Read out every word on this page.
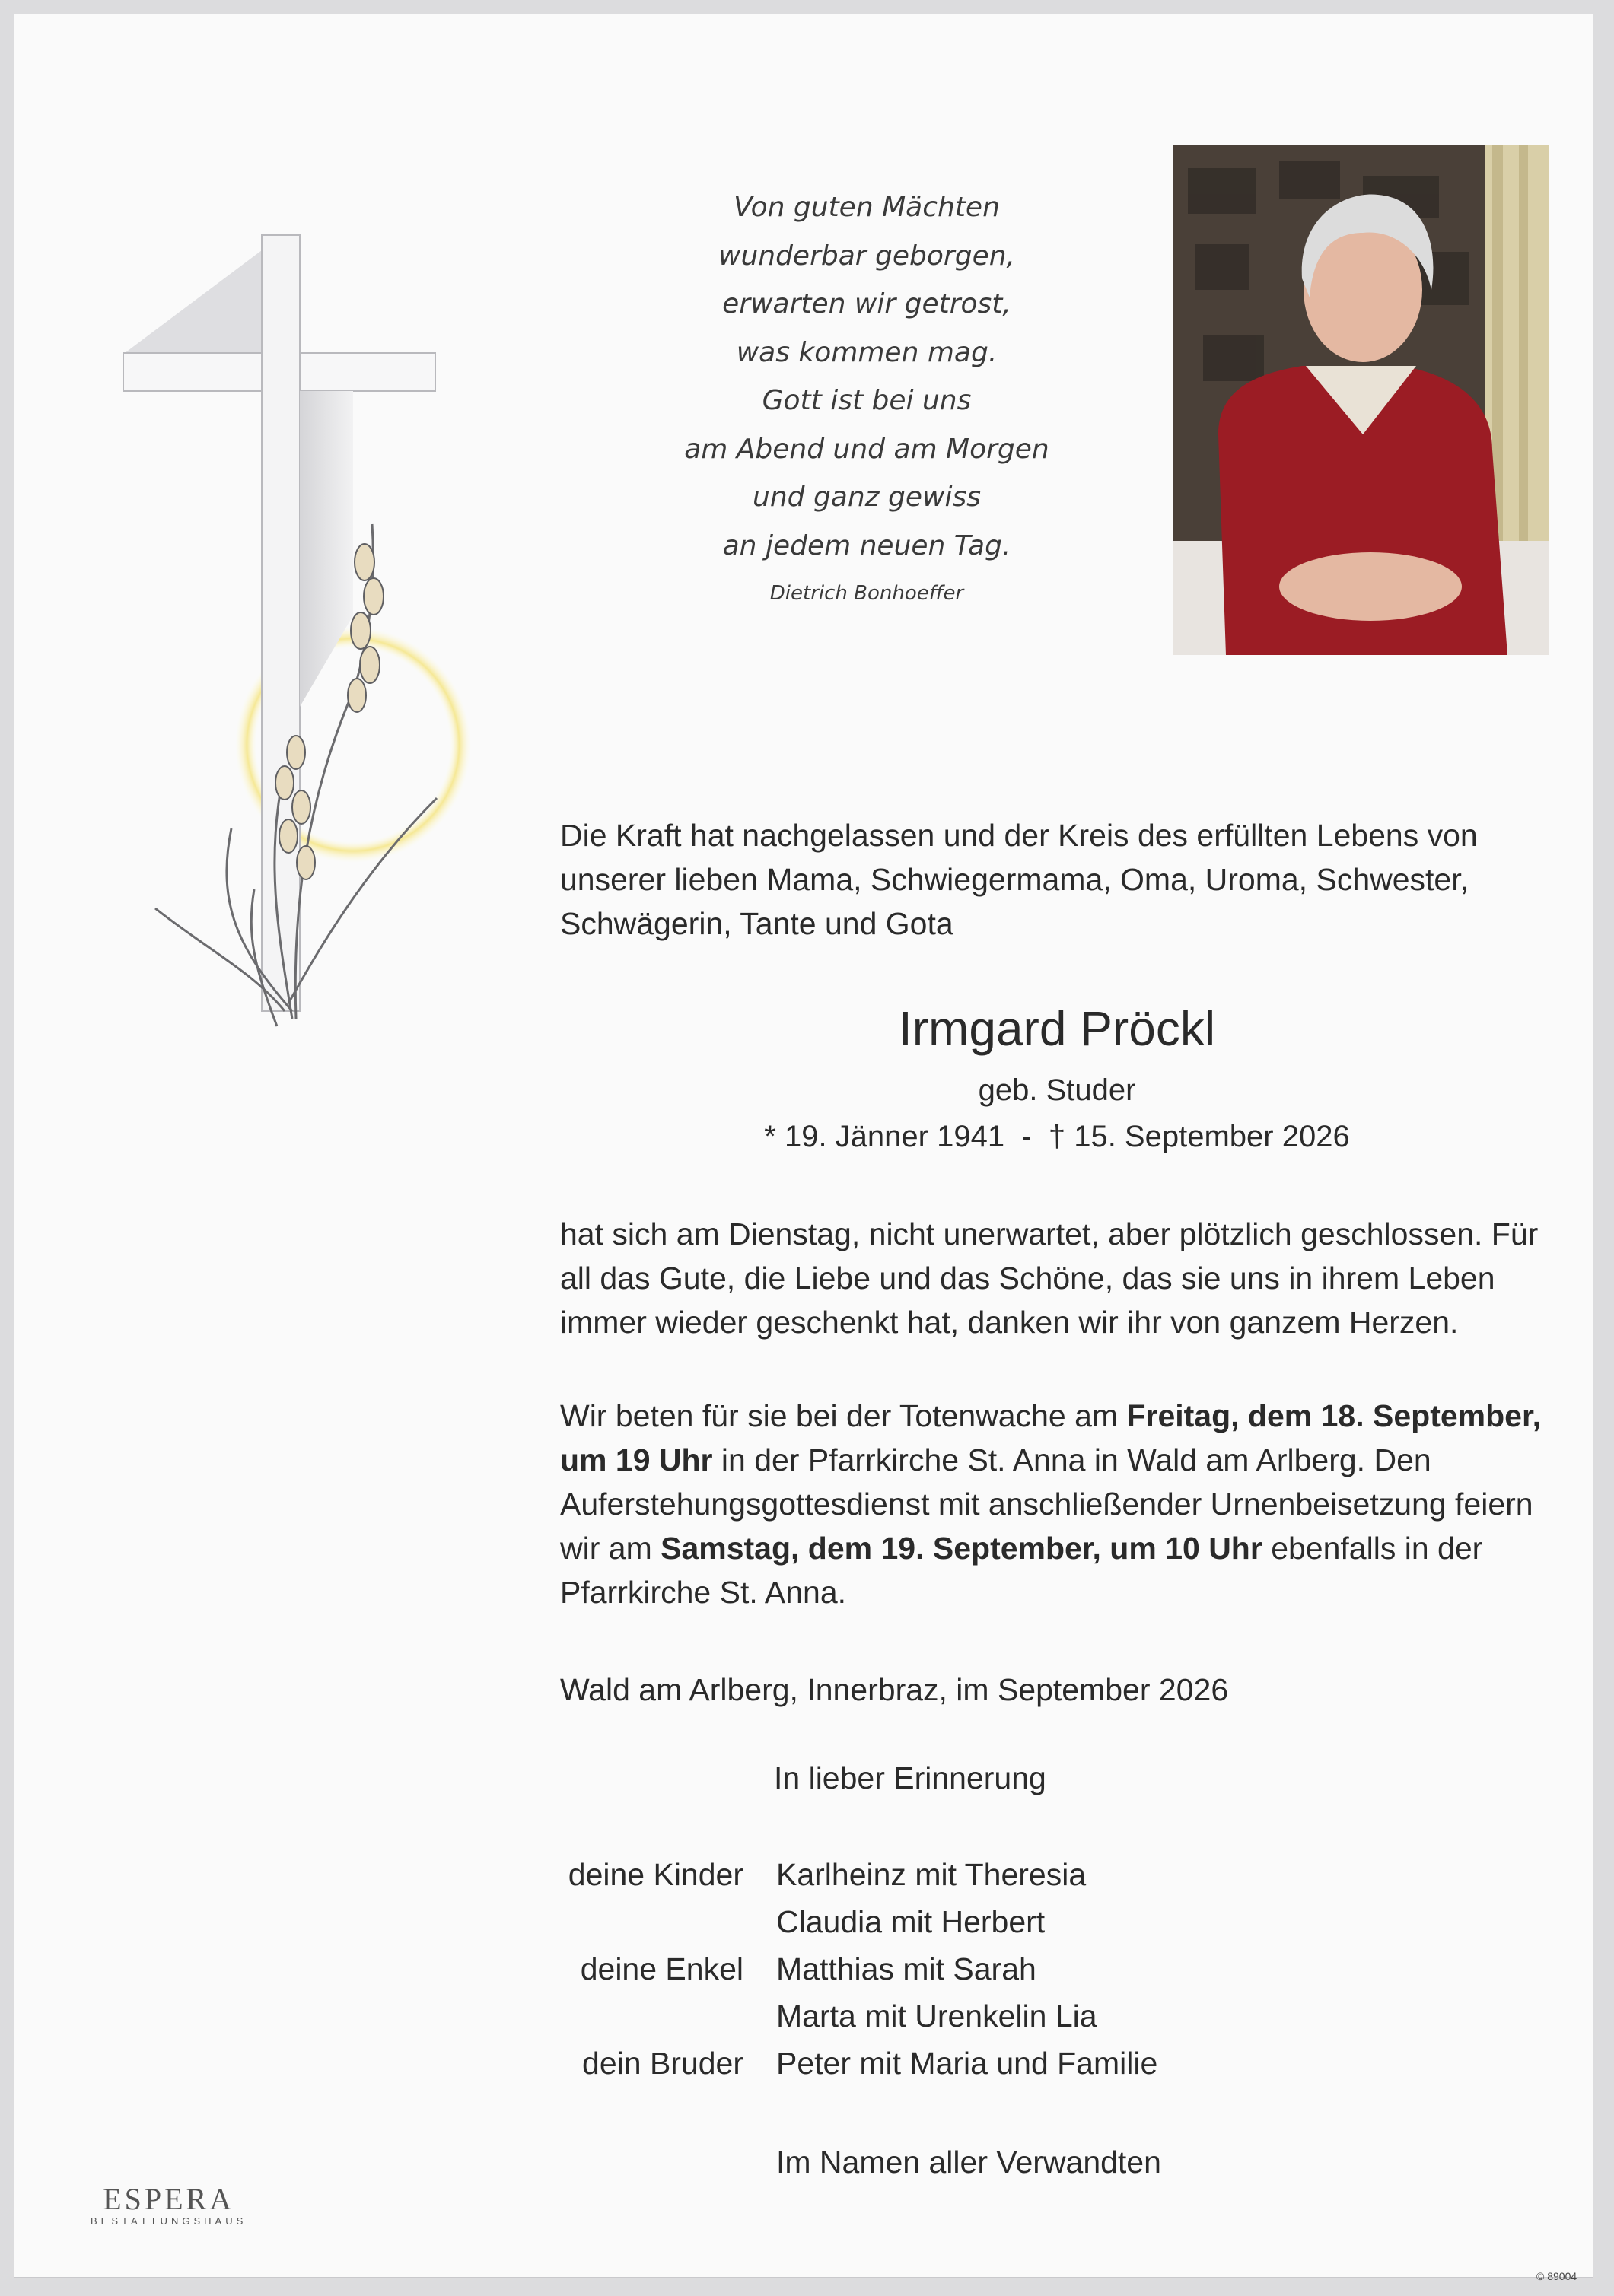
Von guten Mächten
wunderbar geborgen,
erwarten wir getrost,
was kommen mag.
Gott ist bei uns
am Abend und am Morgen
und ganz gewiss
an jedem neuen Tag.
Dietrich Bonhoeffer
Die Kraft hat nachgelassen und der Kreis des erfüllten Lebens von unserer lieben Mama, Schwiegermama, Oma, Uroma, Schwester, Schwägerin, Tante und Gota
Irmgard Pröckl
geb. Studer
* 19. Jänner 1941  -  † 15. September 2026
hat sich am Dienstag, nicht unerwartet, aber plötzlich geschlossen. Für all das Gute, die Liebe und das Schöne, das sie uns in ihrem Leben immer wieder geschenkt hat, danken wir ihr von ganzem Herzen.
Wir beten für sie bei der Totenwache am Freitag, dem 18. September, um 19 Uhr in der Pfarrkirche St. Anna in Wald am Arlberg. Den Auferstehungsgottesdienst mit anschließender Urnenbeisetzung feiern wir am Samstag, dem 19. September, um 10 Uhr ebenfalls in der Pfarrkirche St. Anna.
Wald am Arlberg, Innerbraz, im September 2026
In lieber Erinnerung
deine Kinder Karlheinz mit Theresia
Claudia mit Herbert
deine Enkel Matthias mit Sarah
Marta mit Urenkelin Lia
dein Bruder Peter mit Maria und Familie
Im Namen aller Verwandten
ESPERA
BESTATTUNGSHAUS
© 89004
